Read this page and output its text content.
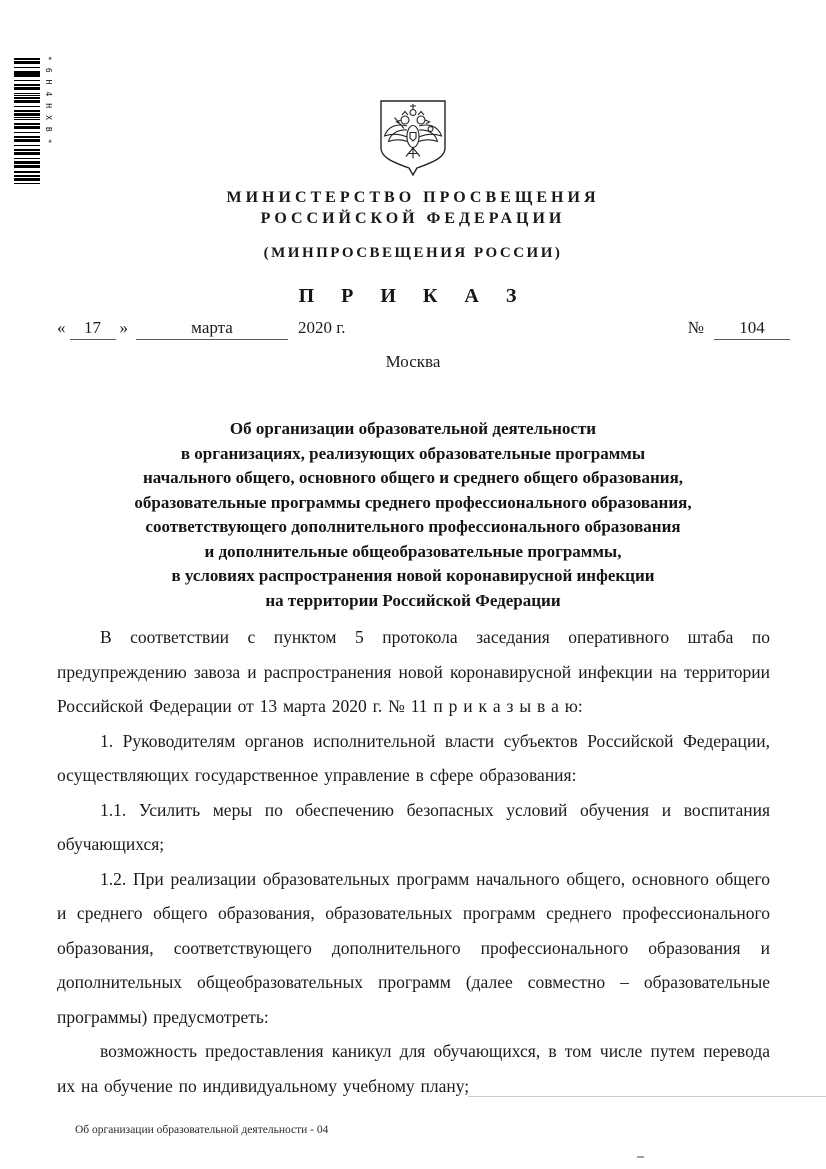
*6Н4НХВ*
МИНИСТЕРСТВО ПРОСВЕЩЕНИЯ
РОССИЙСКОЙ ФЕДЕРАЦИИ
(МИНПРОСВЕЩЕНИЯ РОССИИ)
П Р И К А З
« 17 »	марта	2020 г.	№ 104
Москва
Об организации образовательной деятельности
в организациях, реализующих образовательные программы
начального общего, основного общего и среднего общего образования,
образовательные программы среднего профессионального образования,
соответствующего дополнительного профессионального образования
и дополнительные общеобразовательные программы,
в условиях распространения новой коронавирусной инфекции
на территории Российской Федерации

В соответствии с пунктом 5 протокола заседания оперативного штаба по предупреждению завоза и распространения новой коронавирусной инфекции на территории Российской Федерации от 13 марта 2020 г. № 11 п р и к а з ы в а ю:

1. Руководителям органов исполнительной власти субъектов Российской Федерации, осуществляющих государственное управление в сфере образования:

1.1. Усилить меры по обеспечению безопасных условий обучения и воспитания обучающихся;

1.2. При реализации образовательных программ начального общего, основного общего и среднего общего образования, образовательных программ среднего профессионального образования, соответствующего дополнительного профессионального образования и дополнительных общеобразовательных программ (далее совместно – образовательные программы) предусмотреть:

возможность предоставления каникул для обучающихся, в том числе путем перевода их на обучение по индивидуальному учебному плану;

Об организации образовательной деятельности - 04
